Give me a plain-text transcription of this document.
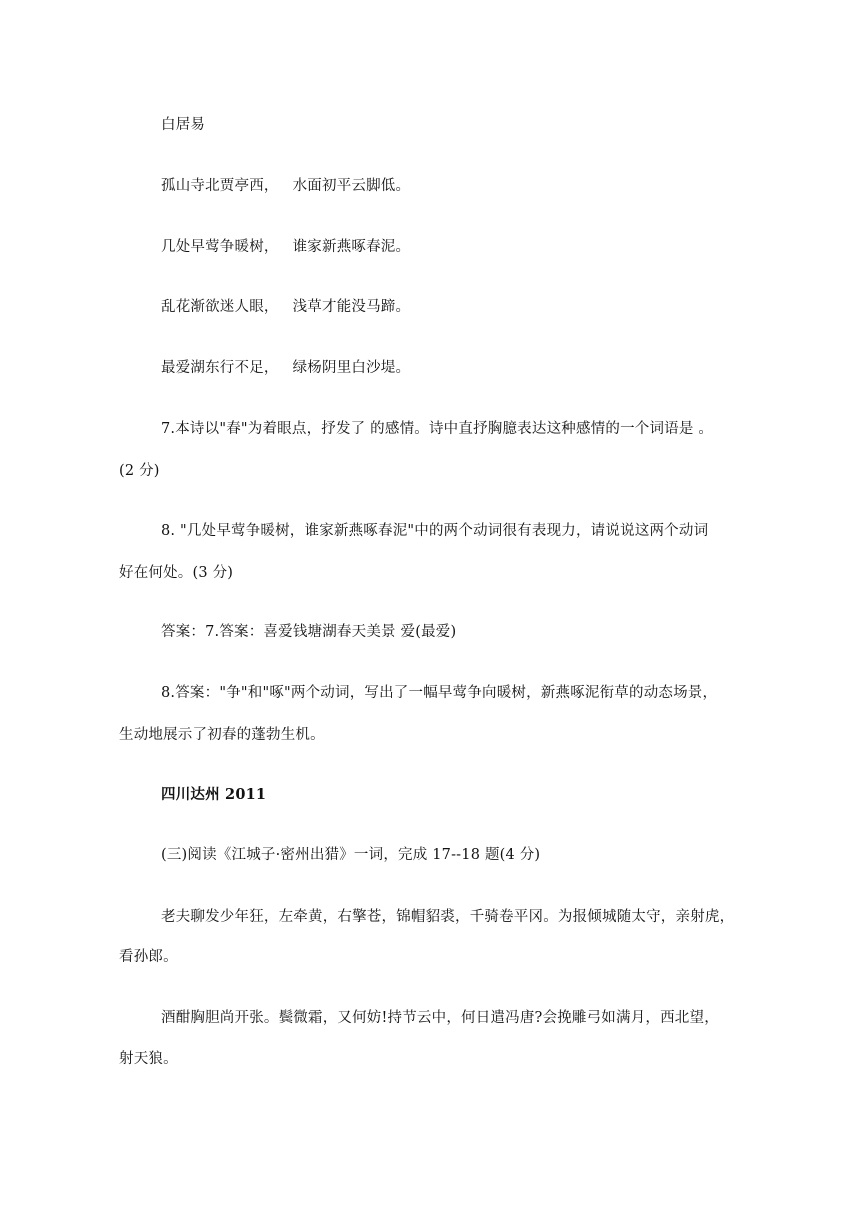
白居易
孤山寺北贾亭西， 水面初平云脚低。
几处早莺争暖树， 谁家新燕啄春泥。
乱花渐欲迷人眼， 浅草才能没马蹄。
最爱湖东行不足， 绿杨阴里白沙堤。
7.本诗以"春"为着眼点，抒发了 的感情。诗中直抒胸臆表达这种感情的一个词语是 。
(2 分)
8. "几处早莺争暖树，谁家新燕啄春泥"中的两个动词很有表现力，请说说这两个动词
好在何处。(3 分)
答案：7.答案：喜爱钱塘湖春天美景 爱(最爱)
8.答案："争"和"啄"两个动词，写出了一幅早莺争向暖树，新燕啄泥衔草的动态场景，
生动地展示了初春的蓬勃生机。
四川达州 2011
(三)阅读《江城子·密州出猎》一词，完成 17--18 题(4 分)
老夫聊发少年狂，左牵黄，右擎苍，锦帽貂裘，千骑卷平冈。为报倾城随太守，亲射虎，
看孙郎。
酒酣胸胆尚开张。鬓微霜，又何妨!持节云中，何日遣冯唐?会挽雕弓如满月，西北望，
射天狼。
